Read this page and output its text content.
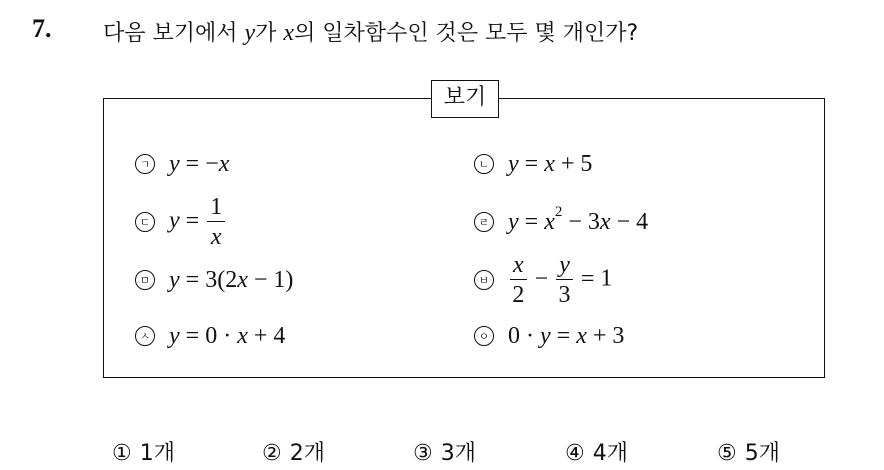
7. 다음 보기에서 y가 x의 일차함수인 것은 모두 몇 개인가?
보기
ㄱ y = −x	ㄴ y = x + 5
ㄷ $y = \frac{1}{x}$	ㄹ $y = x^2 - 3x - 4$
ㅁ y = 3(2x − 1)	ㅂ $\frac{x}{2} - \frac{y}{3} = 1$
ㅅ y = 0 · x + 4	ㅇ 0 · y = x + 3
① 1개	② 2개	③ 3개	④ 4개	⑤ 5개
